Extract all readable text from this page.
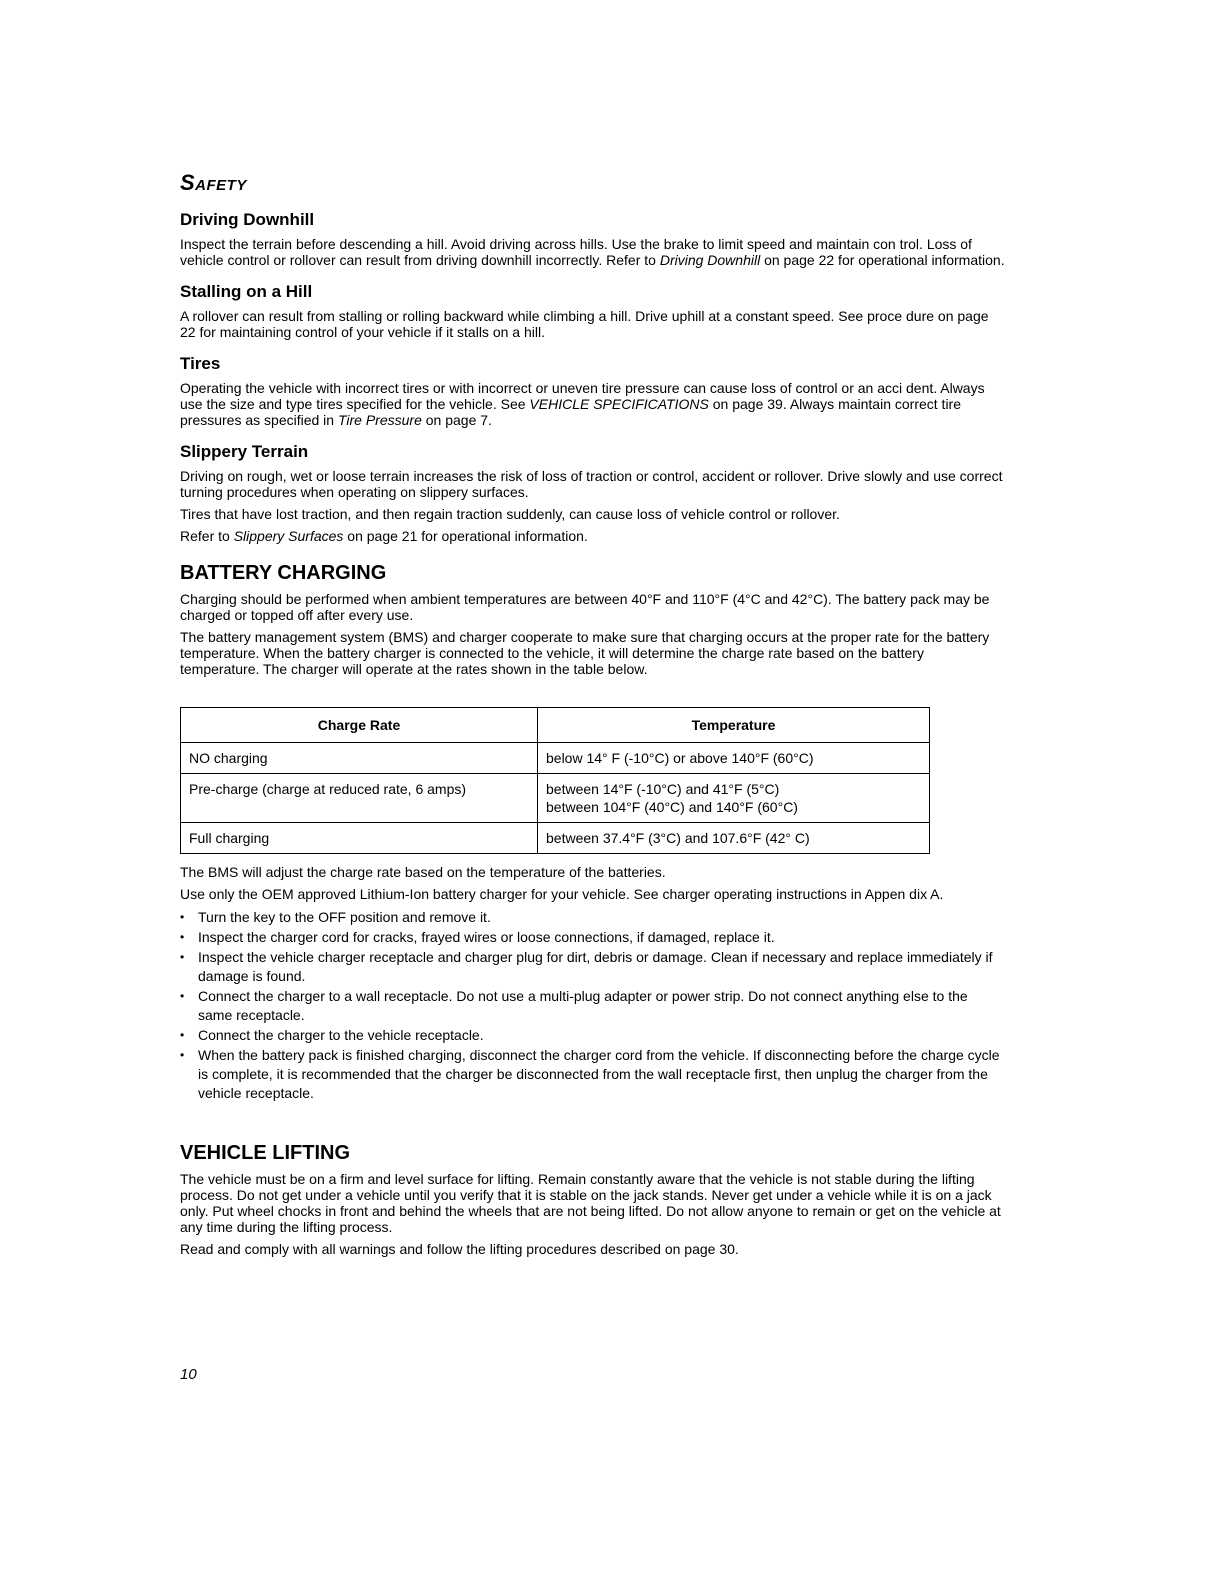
Safety
Driving Downhill

Inspect the terrain before descending a hill. Avoid driving across hills. Use the brake to limit speed and maintain con trol. Loss of vehicle control or rollover can result from driving downhill incorrectly. Refer to Driving Downhill on page 22 for operational information.

Stalling on a Hill

A rollover can result from stalling or rolling backward while climbing a hill. Drive uphill at a constant speed. See proce dure on page 22 for maintaining control of your vehicle if it stalls on a hill.

Tires

Operating the vehicle with incorrect tires or with incorrect or uneven tire pressure can cause loss of control or an acci dent. Always use the size and type tires specified for the vehicle. See VEHICLE SPECIFICATIONS on page 39. Always maintain correct tire pressures as specified in Tire Pressure on page 7.

Slippery Terrain

Driving on rough, wet or loose terrain increases the risk of loss of traction or control, accident or rollover. Drive slowly and use correct turning procedures when operating on slippery surfaces.

Tires that have lost traction, and then regain traction suddenly, can cause loss of vehicle control or rollover.

Refer to Slippery Surfaces on page 21 for operational information.

BATTERY CHARGING

Charging should be performed when ambient temperatures are between 40°F and 110°F (4°C and 42°C). The battery pack may be charged or topped off after every use.

The battery management system (BMS) and charger cooperate to make sure that charging occurs at the proper rate for the battery temperature. When the battery charger is connected to the vehicle, it will determine the charge rate based on the battery temperature. The charger will operate at the rates shown in the table below.

Charge Rate	Temperature
NO charging	below 14° F (-10°C) or above 140°F (60°C)

Pre-charge (charge at reduced rate, 6 amps)	between 14°F (-10°C) and 41°F (5°C)
between 104°F (40°C) and 140°F (60°C)

Full charging	between 37.4°F (3°C) and 107.6°F (42° C)

The BMS will adjust the charge rate based on the temperature of the batteries.

Use only the OEM approved Lithium-Ion battery charger for your vehicle. See charger operating instructions in Appen dix A.

• Turn the key to the OFF position and remove it.
• Inspect the charger cord for cracks, frayed wires or loose connections, if damaged, replace it.
• Inspect the vehicle charger receptacle and charger plug for dirt, debris or damage. Clean if necessary and replace immediately if damage is found.
• Connect the charger to a wall receptacle. Do not use a multi-plug adapter or power strip. Do not connect anything else to the same receptacle.
• Connect the charger to the vehicle receptacle.
• When the battery pack is finished charging, disconnect the charger cord from the vehicle. If disconnecting before the charge cycle is complete, it is recommended that the charger be disconnected from the wall receptacle first, then unplug the charger from the vehicle receptacle.
VEHICLE LIFTING

The vehicle must be on a firm and level surface for lifting. Remain constantly aware that the vehicle is not stable during the lifting process. Do not get under a vehicle until you verify that it is stable on the jack stands. Never get under a vehicle while it is on a jack only. Put wheel chocks in front and behind the wheels that are not being lifted. Do not allow anyone to remain or get on the vehicle at any time during the lifting process.

Read and comply with all warnings and follow the lifting procedures described on page 30.

10
